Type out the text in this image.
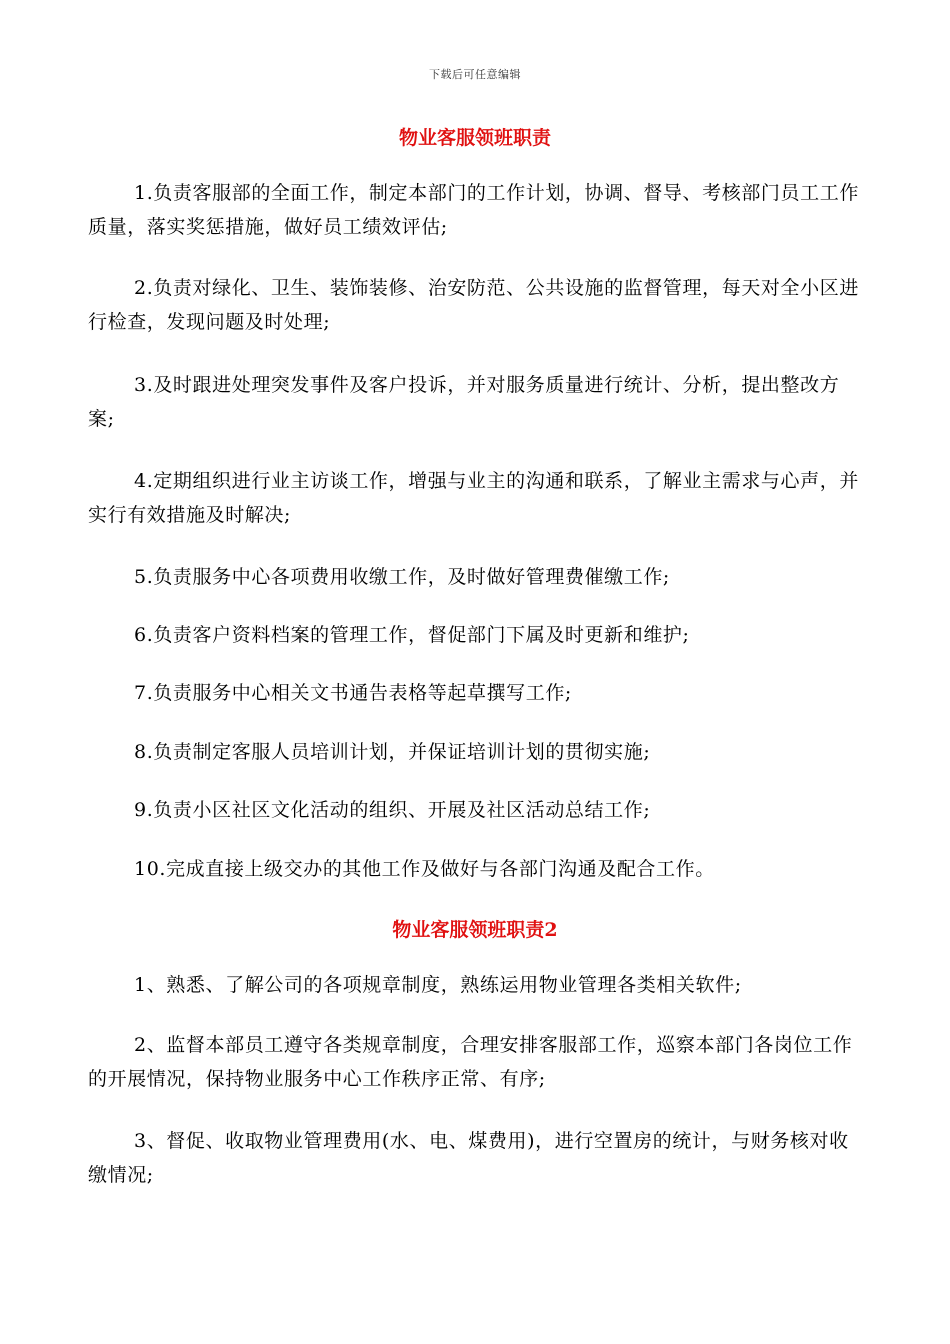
下载后可任意编辑
物业客服领班职责

1.负责客服部的全面工作，制定本部门的工作计划，协调、督导、考核部门员工工作质量，落实奖惩措施，做好员工绩效评估;

2.负责对绿化、卫生、装饰装修、治安防范、公共设施的监督管理，每天对全小区进行检查，发现问题及时处理;

3.及时跟进处理突发事件及客户投诉，并对服务质量进行统计、分析，提出整改方案;

4.定期组织进行业主访谈工作，增强与业主的沟通和联系，了解业主需求与心声，并实行有效措施及时解决;

5.负责服务中心各项费用收缴工作，及时做好管理费催缴工作;

6.负责客户资料档案的管理工作，督促部门下属及时更新和维护;

7.负责服务中心相关文书通告表格等起草撰写工作;

8.负责制定客服人员培训计划，并保证培训计划的贯彻实施;

9.负责小区社区文化活动的组织、开展及社区活动总结工作;

10.完成直接上级交办的其他工作及做好与各部门沟通及配合工作。

物业客服领班职责2

1、熟悉、了解公司的各项规章制度，熟练运用物业管理各类相关软件;

2、监督本部员工遵守各类规章制度，合理安排客服部工作，巡察本部门各岗位工作的开展情况，保持物业服务中心工作秩序正常、有序;

3、督促、收取物业管理费用(水、电、煤费用)，进行空置房的统计，与财务核对收缴情况;
